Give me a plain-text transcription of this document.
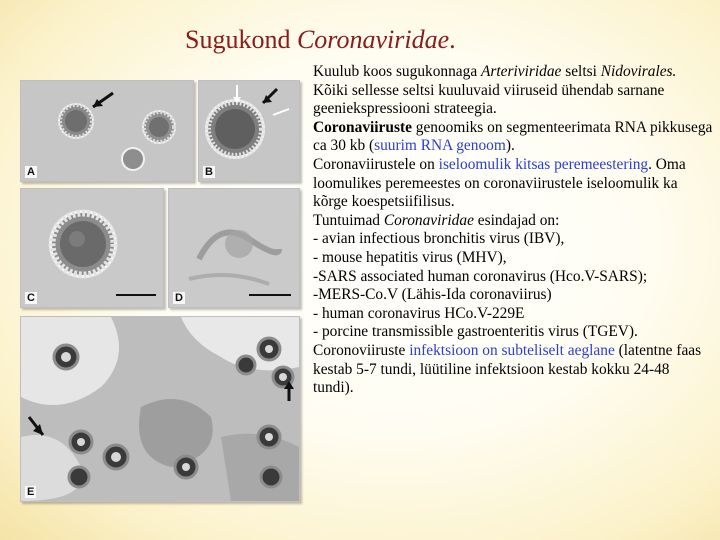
Sugukond Coronaviridae.
A	B
C	D
E

Kuulub koos sugukonnaga Arteriviridae seltsi Nidovirales. Kõiki sellesse seltsi kuuluvaid viiruseid ühendab sarnane geeniekspressiooni strateegia.

Coronaviiruste genoomiks on segmenteerimata RNA pikkusega ca 30 kb (suurim RNA genoom).

Coronaviirustele on iseloomulik kitsas peremeestering. Oma loomulikes peremeestes on coronaviirustele iseloomulik ka kõrge koespetsiifilisus.

Tuntuimad Coronaviridae esindajad on:

- avian infectious bronchitis virus (IBV),

- mouse hepatitis virus (MHV),

-SARS associated human coronavirus (Hco.V-SARS);

-MERS-Co.V (Lähis-Ida coronaviirus)

- human coronavirus HCo.V-229E

- porcine transmissible gastroenteritis virus (TGEV).

Coronoviiruste infektsioon on subteliselt aeglane (latentne faas kestab 5-7 tundi, lüütiline infektsioon kestab kokku 24-48 tundi).
